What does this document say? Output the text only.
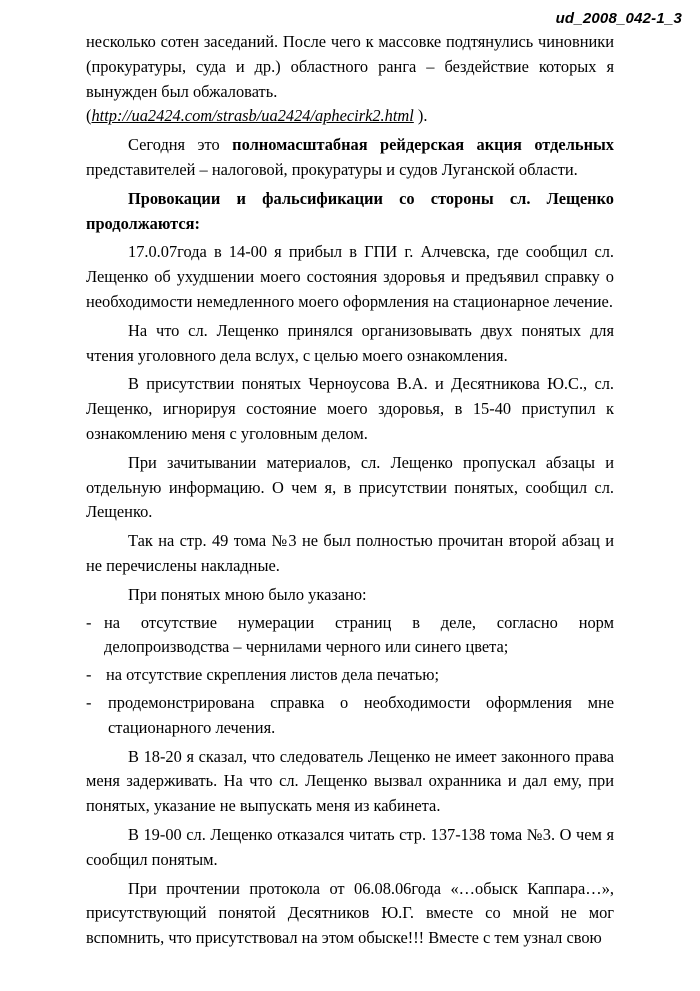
ud_2008_042-1_3

несколько сотен заседаний. После чего к массовке подтянулись чиновники (прокуратуры, суда и др.) областного ранга – бездействие которых я вынужден был обжаловать.

(http://ua2424.com/strasb/ua2424/aphecirk2.html ).

Сегодня это полномасштабная рейдерская акция отдельных представителей – налоговой, прокуратуры и судов Луганской области.

Провокации и фальсификации со стороны сл. Лещенко продолжаются:

17.0.07года в 14-00 я прибыл в ГПИ г. Алчевска, где сообщил сл. Лещенко об ухудшении моего состояния здоровья и предъявил справку о необходимости немедленного моего оформления на стационарное лечение.

На что сл. Лещенко принялся организовывать двух понятых для чтения уголовного дела вслух, с целью моего ознакомления.

В присутствии понятых Черноусова В.А. и Десятникова Ю.С., сл. Лещенко, игнорируя состояние моего здоровья, в 15-40 приступил к ознакомлению меня с уголовным делом.

При зачитывании материалов, сл. Лещенко пропускал абзацы и отдельную информацию. О чем я, в присутствии понятых, сообщил сл. Лещенко.

Так на стр. 49 тома №3 не был полностью прочитан второй абзац и не перечислены накладные.

При понятых мною было указано:

- на отсутствие нумерации страниц в деле, согласно норм делопроизводства – чернилами черного или синего цвета;

- на отсутствие скрепления листов дела печатью;

-	продемонстрирована справка о необходимости оформления мне стационарного лечения.

В 18-20 я сказал, что следователь Лещенко не имеет законного права меня задерживать. На что сл. Лещенко вызвал охранника и дал ему, при понятых, указание не выпускать меня из кабинета.

В 19-00 сл. Лещенко отказался читать стр. 137-138 тома №3. О чем я сообщил понятым.

При прочтении протокола от 06.08.06года «…обыск Каппара…», присутствующий понятой Десятников Ю.Г. вместе со мной не мог вспомнить, что присутствовал на этом обыске!!! Вместе с тем узнал свою
